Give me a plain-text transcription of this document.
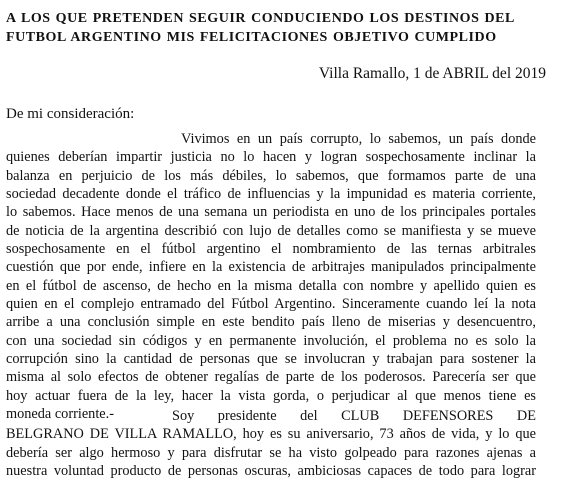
A LOS QUE PRETENDEN SEGUIR CONDUCIENDO LOS DESTINOS DEL
FUTBOL ARGENTINO MIS FELICITACIONES OBJETIVO CUMPLIDO

Villa Ramallo, 1 de ABRIL del 2019

De mi consideración:

Vivimos en un país corrupto, lo sabemos, un país donde
quienes deberían impartir justicia no lo hacen y logran sospechosamente inclinar la
balanza en perjuicio de los más débiles, lo sabemos, que formamos parte de una
sociedad decadente donde el tráfico de influencias y la impunidad es materia corriente,
lo sabemos. Hace menos de una semana un periodista en uno de los principales portales
de noticia de la argentina describió con lujo de detalles como se manifiesta y se mueve
sospechosamente en el fútbol argentino el nombramiento de las ternas arbitrales
cuestión que por ende, infiere en la existencia de arbitrajes manipulados principalmente
en el fútbol de ascenso, de hecho en la misma detalla con nombre y apellido quien es
quien en el complejo entramado del Fútbol Argentino. Sinceramente cuando leí la nota
arribe a una conclusión simple en este bendito país lleno de miserias y desencuentro,
con una sociedad sin códigos y en permanente involución, el problema no es solo la
corrupción sino la cantidad de personas que se involucran y trabajan para sostener la
misma al solo efectos de obtener regalías de parte de los poderosos. Parecería ser que
hoy actuar fuera de la ley, hacer la vista gorda, o perjudicar al que menos tiene es
moneda corriente.-	Soy presidente del CLUB DEFENSORES DE
BELGRANO DE VILLA RAMALLO, hoy es su aniversario, 73 años de vida, y lo que
debería ser algo hermoso y para disfrutar se ha visto golpeado para razones ajenas a
nuestra voluntad producto de personas oscuras, ambiciosas capaces de todo para lograr
